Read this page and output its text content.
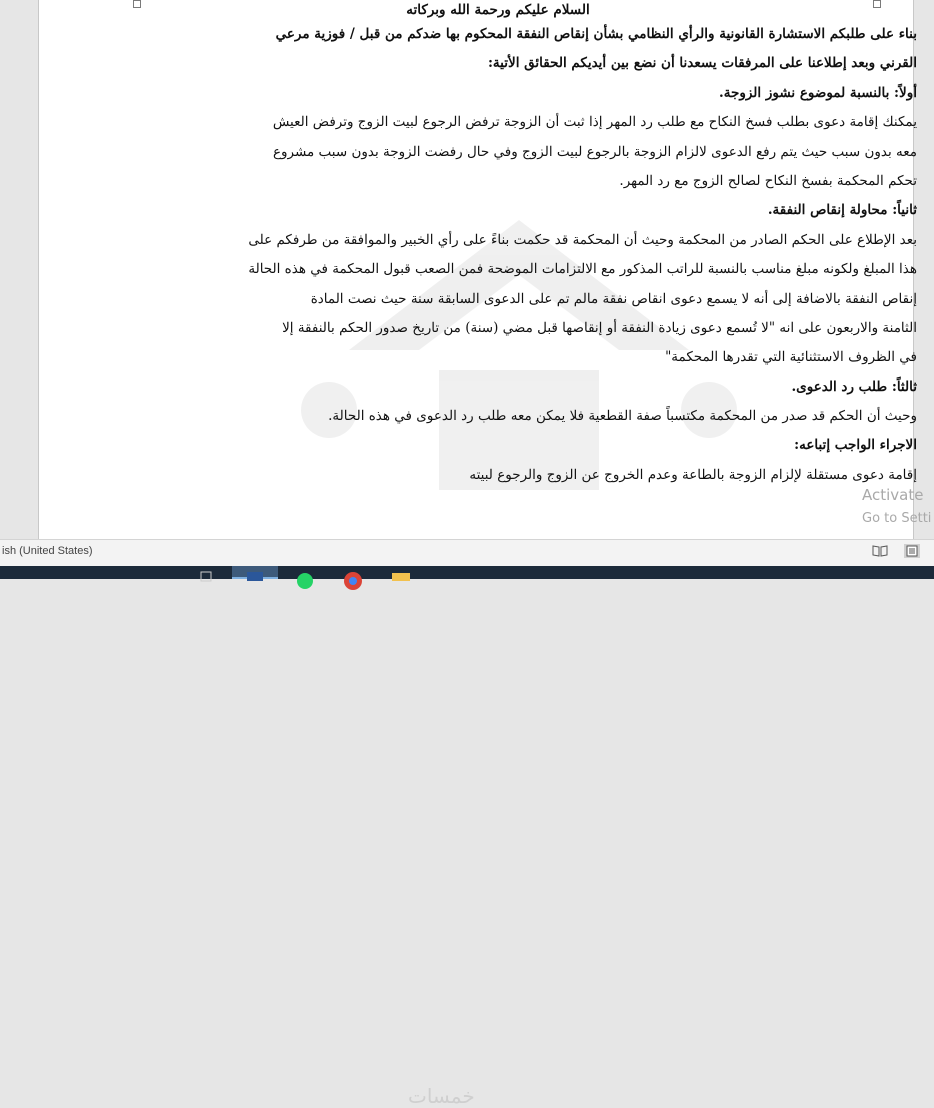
السلام عليكم ورحمة الله وبركاته
بناء على طلبكم الاستشارة القانونية والرأي النظامي بشأن إنقاص النفقة المحكوم بها ضدكم من قبل / فوزية مرعي
القرني وبعد إطلاعنا على المرفقات يسعدنا أن نضع بين أيديكم الحقائق الأتية:
أولاً: بالنسبة لموضوع نشوز الزوجة.
يمكنك إقامة دعوى بطلب فسخ النكاح مع طلب رد المهر إذا ثبت أن الزوجة ترفض الرجوع لبيت الزوج وترفض العيش
معه بدون سبب حيث يتم رفع الدعوى لالزام الزوجة بالرجوع لبيت الزوج وفي حال رفضت الزوجة بدون سبب مشروع
تحكم المحكمة بفسخ النكاح لصالح الزوج مع رد المهر.
ثانياً: محاولة إنقاص النفقة.
بعد الإطلاع على الحكم الصادر من المحكمة وحيث أن المحكمة قد حكمت بناءً على رأي الخبير والموافقة من طرفكم على
هذا المبلغ ولكونه مبلغ مناسب بالنسبة للراتب المذكور مع الالتزامات الموضحة فمن الصعب قبول المحكمة في هذه الحالة
إنقاص النفقة بالاضافة إلى أنه لا يسمع دعوى انقاص نفقة مالم تم على الدعوى السابقة سنة حيث نصت المادة
الثامنة والاربعون على انه "لا تُسمع دعوى زيادة النفقة أو إنقاصها قبل مضي (سنة) من تاريخ صدور الحكم بالنفقة إلا
في الظروف الاستثنائية التي تقدرها المحكمة"
ثالثاً: طلب رد الدعوى.
وحيث أن الحكم قد صدر من المحكمة مكتسباً صفة القطعية فلا يمكن معه طلب رد الدعوى في هذه الحالة.
الاجراء الواجب إتباعه:
إقامة دعوى مستقلة لإلزام الزوجة بالطاعة وعدم الخروج عن الزوج والرجوع لبيته
Activate
Go to Setti
ish (United States)
خمسات
